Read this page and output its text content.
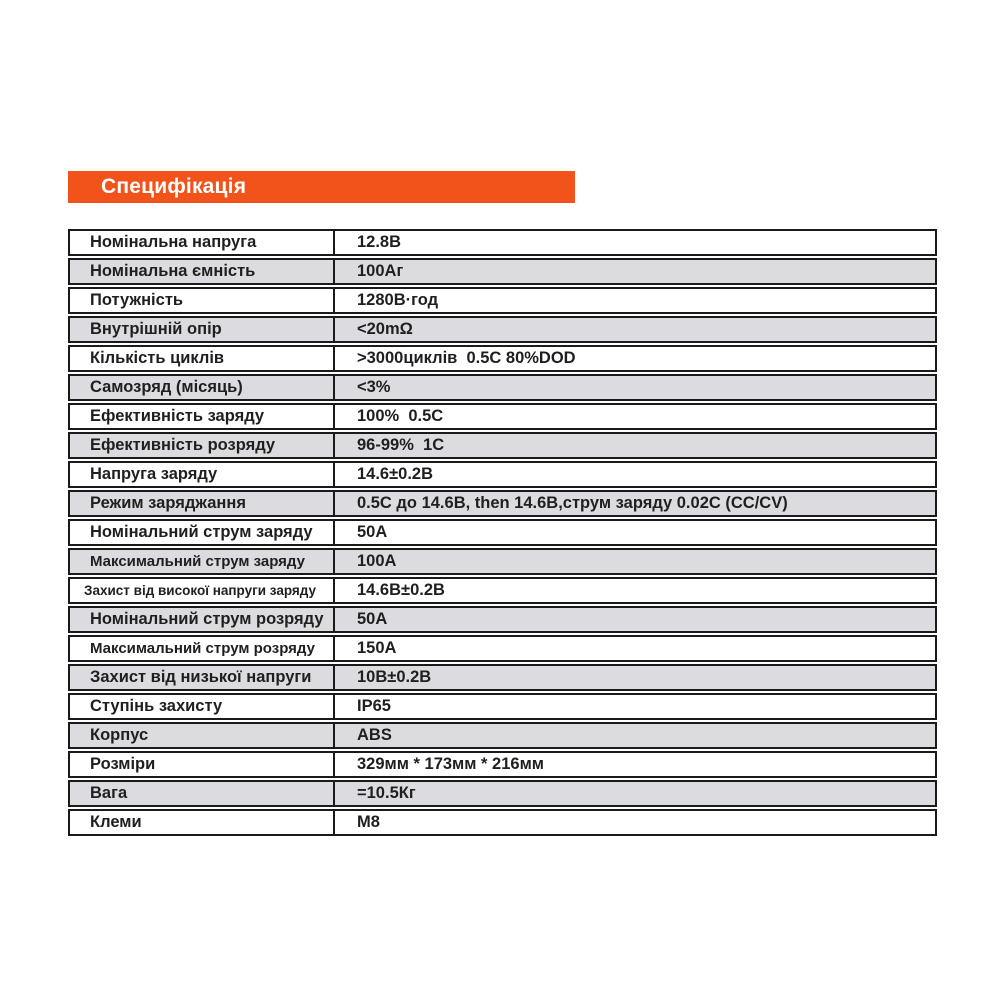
Специфікація
Номінальна напруга	12.8В
Номінальна ємність	100Аг
Потужність	1280В·год
Внутрішній опір	<20mΩ
Кількість циклів	>3000циклів  0.5C 80%DOD
Самозряд (місяць)	<3%
Ефективність заряду	100%  0.5C
Ефективність розряду	96-99%  1C
Напруга заряду	14.6±0.2В
Режим заряджання	0.5C до 14.6В, then 14.6В,струм заряду 0.02C (CC/CV)
Номінальний струм заряду	50А
Максимальний струм заряду	100А
Захист від високої напруги заряду	14.6В±0.2В
Номінальний струм розряду	50А
Максимальний струм розряду	150А
Захист від низької напруги	10В±0.2В
Ступінь захисту	IP65
Корпус	ABS
Розміри	329мм * 173мм * 216мм
Вага	=10.5Кг
Клеми	М8
